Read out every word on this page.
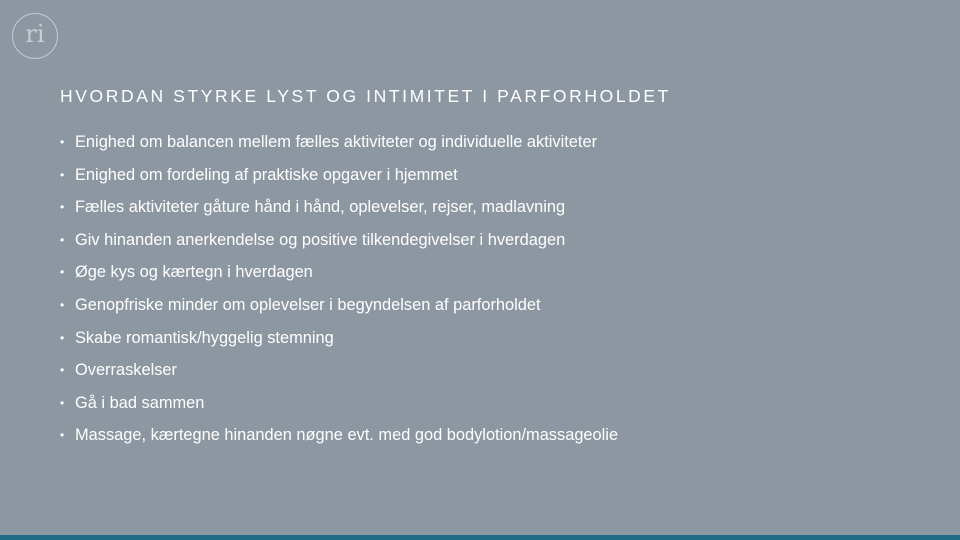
ri
HVORDAN STYRKE LYST OG INTIMITET I PARFORHOLDET
• Enighed om balancen mellem fælles aktiviteter og individuelle aktiviteter
• Enighed om fordeling af praktiske opgaver i hjemmet
• Fælles aktiviteter gåture hånd i hånd, oplevelser, rejser, madlavning
• Giv hinanden anerkendelse og positive tilkendegivelser i hverdagen
• Øge kys og kærtegn i hverdagen
• Genopfriske minder om oplevelser i begyndelsen af parforholdet
• Skabe romantisk/hyggelig stemning
• Overraskelser
• Gå i bad sammen
• Massage, kærtegne hinanden nøgne evt. med god bodylotion/massageolie
